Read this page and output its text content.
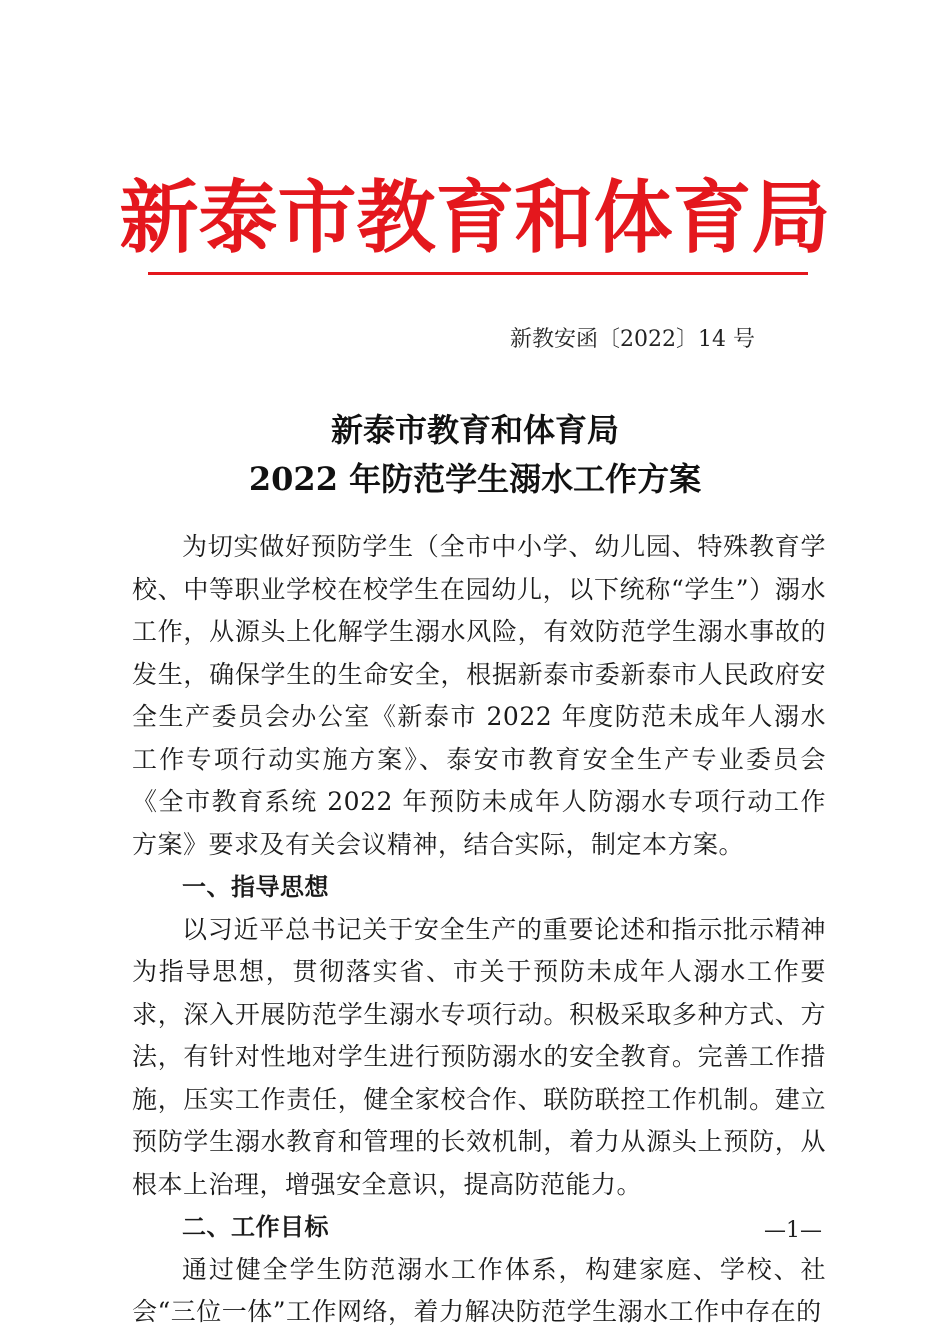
新泰市教育和体育局
新教安函〔2022〕14 号
新泰市教育和体育局
2022 年防范学生溺水工作方案

为切实做好预防学生（全市中小学、幼儿园、特殊教育学校、中等职业学校在校学生在园幼儿，以下统称“学生”）溺水工作，从源头上化解学生溺水风险，有效防范学生溺水事故的发生，确保学生的生命安全，根据新泰市委新泰市人民政府安全生产委员会办公室《新泰市 2022 年度防范未成年人溺水工作专项行动实施方案》、泰安市教育安全生产专业委员会《全市教育系统 2022 年预防未成年人防溺水专项行动工作方案》要求及有关会议精神，结合实际，制定本方案。

一、指导思想

以习近平总书记关于安全生产的重要论述和指示批示精神为指导思想，贯彻落实省、市关于预防未成年人溺水工作要求，深入开展防范学生溺水专项行动。积极采取多种方式、方法，有针对性地对学生进行预防溺水的安全教育。完善工作措施，压实工作责任，健全家校合作、联防联控工作机制。建立预防学生溺水教育和管理的长效机制，着力从源头上预防，从根本上治理，增强安全意识，提高防范能力。

二、工作目标

通过健全学生防范溺水工作体系，构建家庭、学校、社会“三位一体”工作网络，着力解决防范学生溺水工作中存在的

—1—
